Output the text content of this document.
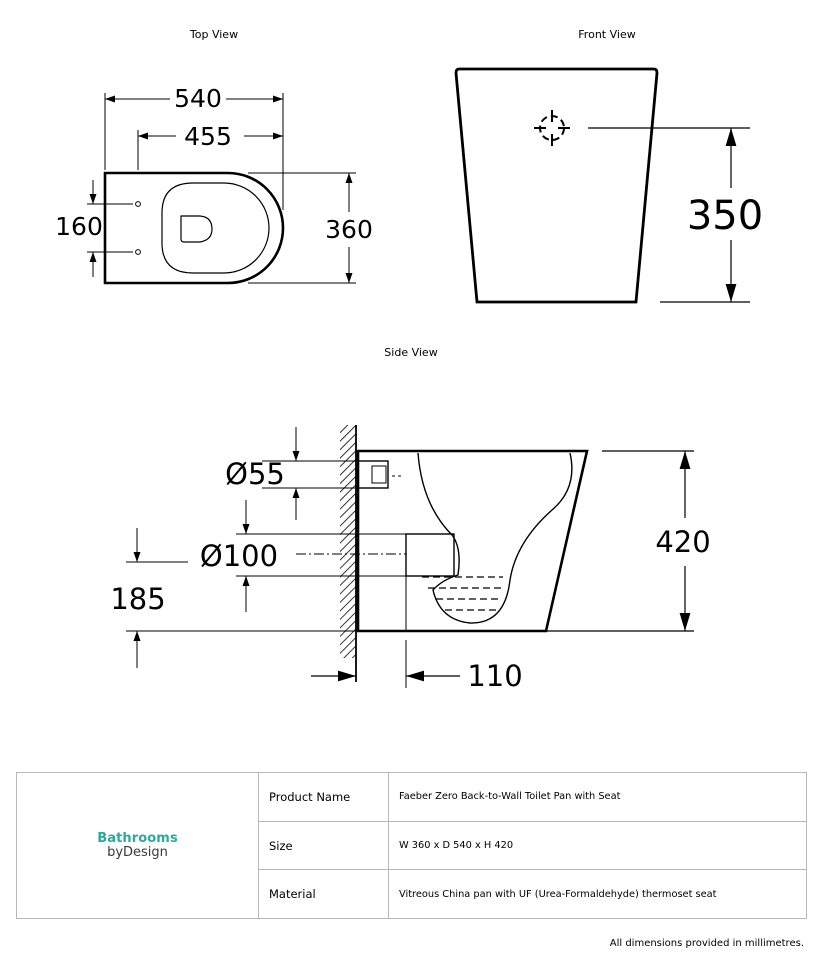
Top View
540
455
160	360
Front View
350
Side View
Ø55
Ø100
185
420
110
Bathrooms
byDesign
Product Name	Faeber Zero Back-to-Wall Toilet Pan with Seat
Size	W 360 x D 540 x H 420
Material	Vitreous China pan with UF (Urea-Formaldehyde) thermoset seat
All dimensions provided in millimetres.
